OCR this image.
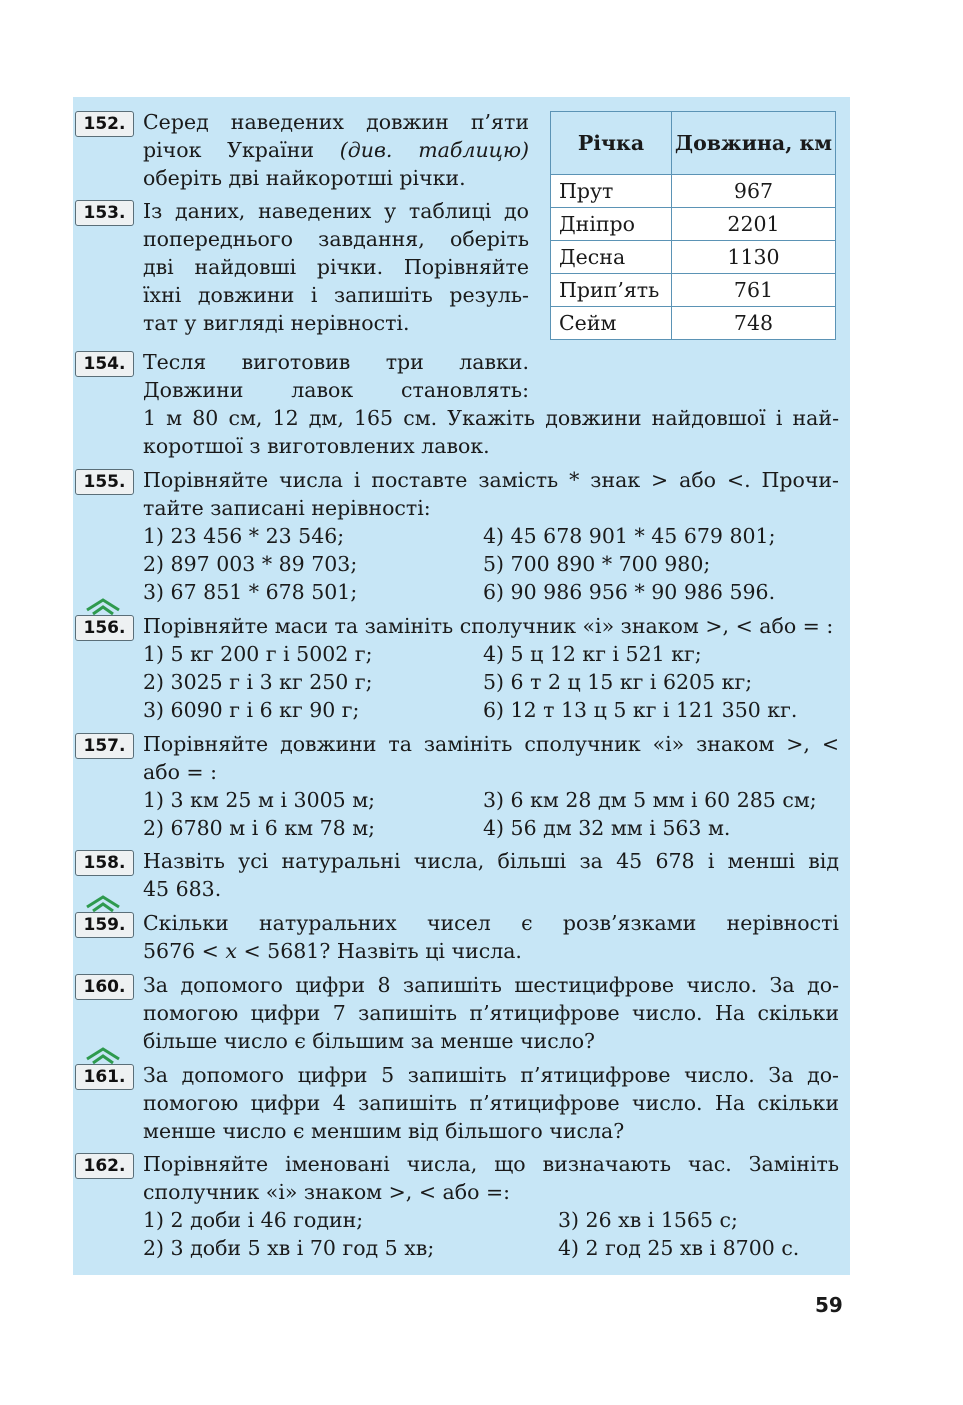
Річка	Довжина, км
Прут	967
Дніпро	2201
Десна	1130
Прип’ять	761
Сейм	748
152. Серед наведених довжин п’яти
річок України (див. таблицю)
оберіть дві найкоротші річки.
153. Із даних, наведених у таблиці до
попереднього завдання, оберіть
дві найдовші річки. Порівняйте
їхні довжини і запишіть резуль-
тат у вигляді нерівності.
154. Тесля виготовив три лавки.
Довжини лавок становлять:
1 м 80 см, 12 дм, 165 см. Укажіть довжини найдовшої і най-
коротшої з виготовлених лавок.
155. Порівняйте числа і поставте замість * знак > або <. Прочи-
тайте записані нерівності:
1) 23 456 * 23 546;
2) 897 003 * 89 703;
3) 67 851 * 678 501;
4) 45 678 901 * 45 679 801;
5) 700 890 * 700 980;
6) 90 986 956 * 90 986 596.
156. Порівняйте маси та замініть сполучник «і» знаком >, < або = :
1) 5 кг 200 г і 5002 г;
2) 3025 г і 3 кг 250 г;
3) 6090 г і 6 кг 90 г;
4) 5 ц 12 кг і 521 кг;
5) 6 т 2 ц 15 кг і 6205 кг;
6) 12 т 13 ц 5 кг і 121 350 кг.
157. Порівняйте довжини та замініть сполучник «і» знаком >, <
або = :
1) 3 км 25 м і 3005 м;
2) 6780 м і 6 км 78 м;
3) 6 км 28 дм 5 мм і 60 285 см;
4) 56 дм 32 мм і 563 м.
158. Назвіть усі натуральні числа, більші за 45 678 і менші від
45 683.
159. Скільки натуральних чисел є розв’язками нерівності
5676 < x < 5681? Назвіть ці числа.
160. За допомого цифри 8 запишіть шестицифрове число. За до-
помогою цифри 7 запишіть п’ятицифрове число. На скільки
більше число є більшим за менше число?
161. За допомого цифри 5 запишіть п’ятицифрове число. За до-
помогою цифри 4 запишіть п’ятицифрове число. На скільки
менше число є меншим від більшого числа?
162. Порівняйте іменовані числа, що визначають час. Замініть
сполучник «і» знаком >, < або =:
1) 2 доби і 46 годин;
2) 3 доби 5 хв і 70 год 5 хв;
3) 26 хв і 1565 с;
4) 2 год 25 хв і 8700 с.
59
